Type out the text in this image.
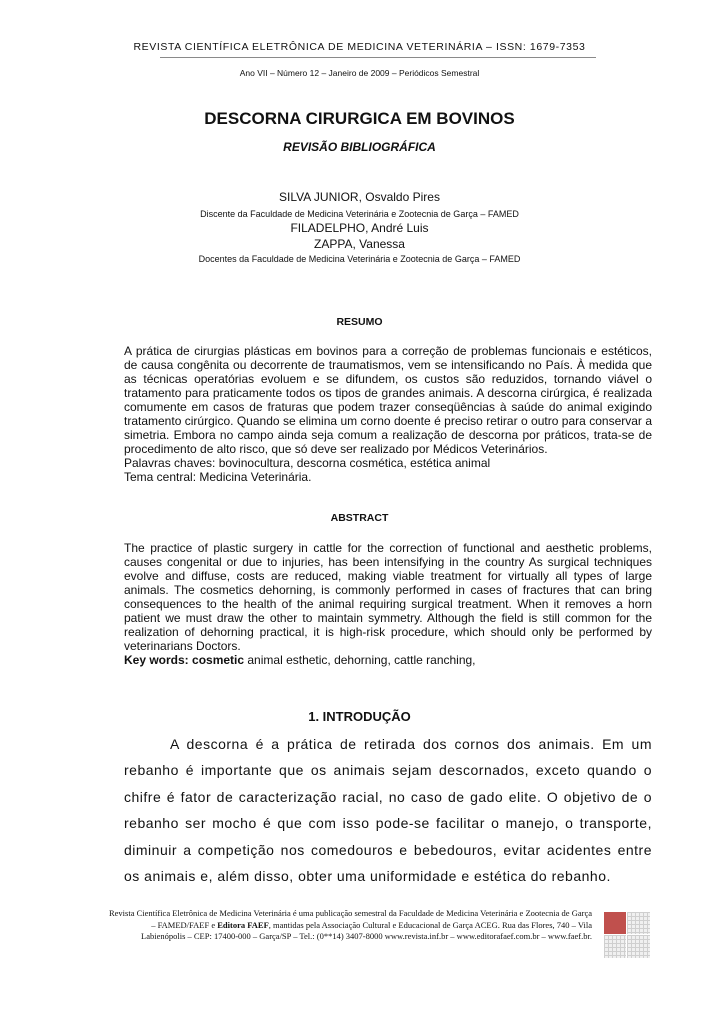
REVISTA CIENTÍFICA ELETRÔNICA DE MEDICINA VETERINÁRIA – ISSN: 1679-7353
Ano VII – Número 12 – Janeiro de 2009 – Periódicos Semestral
DESCORNA CIRURGICA EM BOVINOS
REVISÃO BIBLIOGRÁFICA
SILVA JUNIOR, Osvaldo Pires
Discente da Faculdade de Medicina Veterinária e Zootecnia de Garça – FAMED
FILADELPHO, André Luis
ZAPPA, Vanessa
Docentes da Faculdade de Medicina Veterinária e Zootecnia de Garça – FAMED
RESUMO

A prática de cirurgias plásticas em bovinos para a correção de problemas funcionais e estéticos, de causa congênita ou decorrente de traumatismos, vem se intensificando no País. À medida que as técnicas operatórias evoluem e se difundem, os custos são reduzidos, tornando viável o tratamento para praticamente todos os tipos de grandes animais. A descorna cirúrgica, é realizada comumente em casos de fraturas que podem trazer conseqüências à saúde do animal exigindo tratamento cirúrgico. Quando se elimina um corno doente é preciso retirar o outro para conservar a simetria. Embora no campo ainda seja comum a realização de descorna por práticos, trata-se de procedimento de alto risco, que só deve ser realizado por Médicos Veterinários.

Palavras chaves: bovinocultura, descorna cosmética, estética animal

Tema central: Medicina Veterinária.

ABSTRACT

The practice of plastic surgery in cattle for the correction of functional and aesthetic problems, causes congenital or due to injuries, has been intensifying in the country As surgical techniques evolve and diffuse, costs are reduced, making viable treatment for virtually all types of large animals. The cosmetics dehorning, is commonly performed in cases of fractures that can bring consequences to the health of the animal requiring surgical treatment. When it removes a horn patient we must draw the other to maintain symmetry. Although the field is still common for the realization of dehorning practical, it is high-risk procedure, which should only be performed by veterinarians Doctors.

Key words: cosmetic animal esthetic, dehorning, cattle ranching,

1. INTRODUÇÃO

A descorna é a prática de retirada dos cornos dos animais. Em um rebanho é importante que os animais sejam descornados, exceto quando o chifre é fator de caracterização racial, no caso de gado elite. O objetivo de o rebanho ser mocho é que com isso pode-se facilitar o manejo, o transporte, diminuir a competição nos comedouros e bebedouros, evitar acidentes entre os animais e, além disso, obter uma uniformidade e estética do rebanho.

Revista Científica Eletrônica de Medicina Veterinária é uma publicação semestral da Faculdade de Medicina Veterinária e Zootecnia de Garça – FAMED/FAEF e Editora FAEF, mantidas pela Associação Cultural e Educacional de Garça ACEG. Rua das Flores, 740 – Vila Labienópolis – CEP: 17400-000 – Garça/SP – Tel.: (0**14) 3407-8000 www.revista.inf.br – www.editorafaef.com.br – www.faef.br.
